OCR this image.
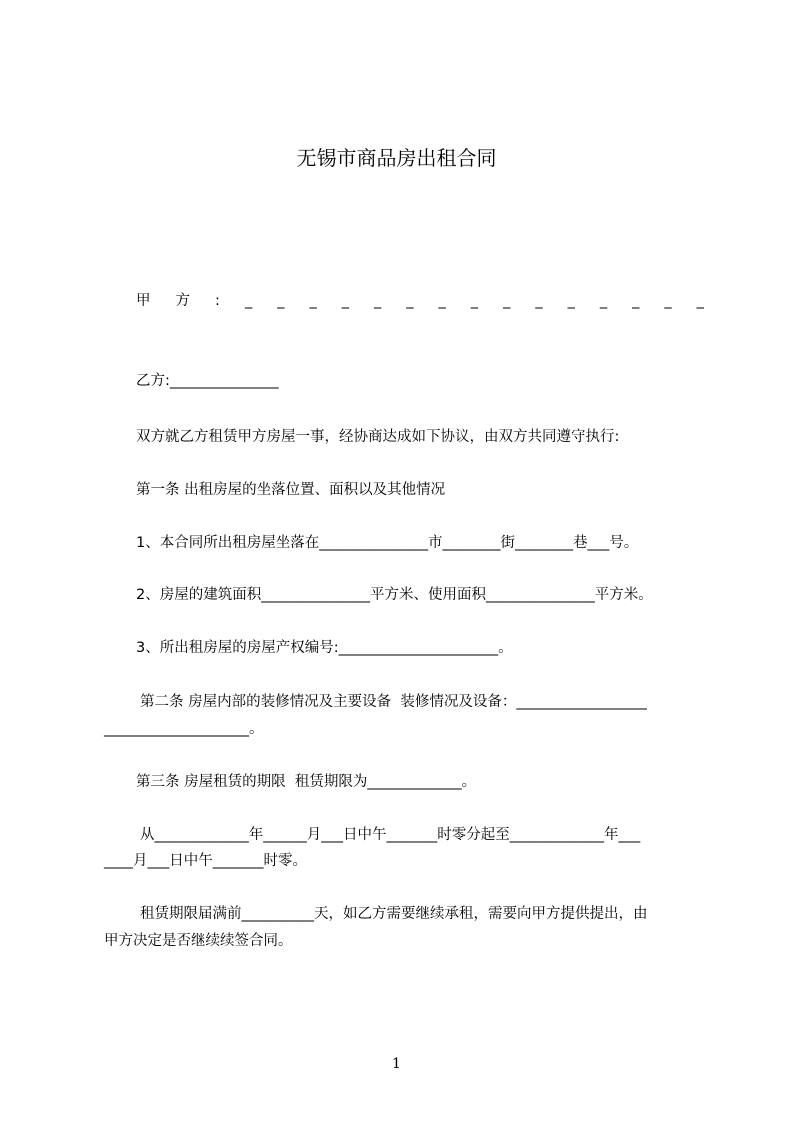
无锡市商品房出租合同
甲 方 : _ _ _ _ _ _ _ _ _ _ _ _ _ _ _
乙方:_______________
双方就乙方租赁甲方房屋一事，经协商达成如下协议，由双方共同遵守执行:
第一条 出租房屋的坐落位置、面积以及其他情况
1、本合同所出租房屋坐落在_______________市________街________巷___号。
2、房屋的建筑面积_______________平方米、使用面积_______________平方米。
3、所出租房屋的房屋产权编号:______________________。
第二条 房屋内部的装修情况及主要设备  装修情况及设备：__________________
____________________。
第三条 房屋租赁的期限  租赁期限为_____________。
从_____________年______月___日中午_______时零分起至_____________年___
____月___日中午_______时零。
租赁期限届满前__________天，如乙方需要继续承租，需要向甲方提供提出，由
甲方决定是否继续续签合同。
1
